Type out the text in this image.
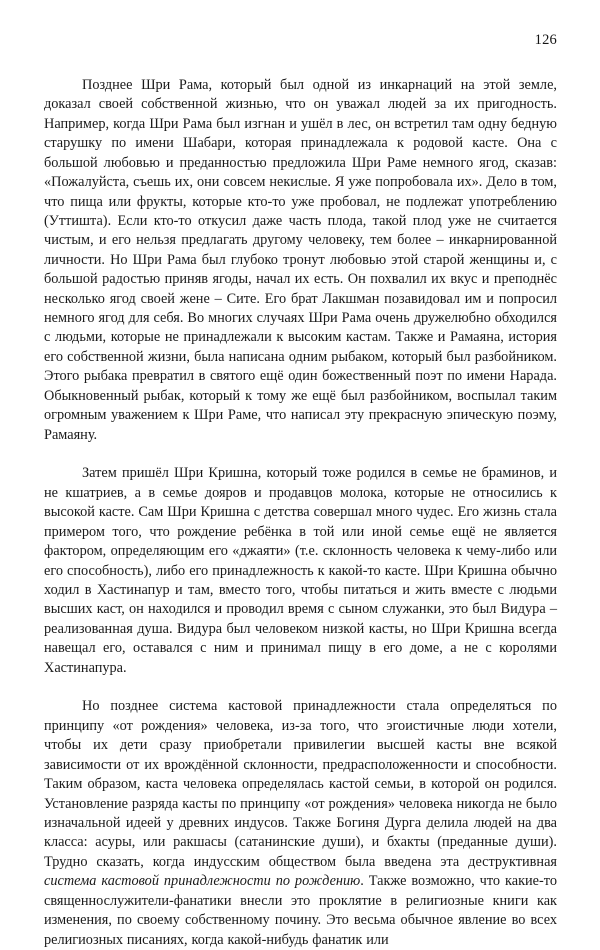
126

Позднее Шри Рама, который был одной из инкарнаций на этой земле, доказал своей собственной жизнью, что он уважал людей за их пригодность. Например, когда Шри Рама был изгнан и ушёл в лес, он встретил там одну бедную старушку по имени Шабари, которая принадлежала к родовой касте. Она с большой любовью и преданностью предложила Шри Раме немного ягод, сказав: «Пожалуйста, съешь их, они совсем некислые. Я уже попробовала их». Дело в том, что пища или фрукты, которые кто-то уже пробовал, не подлежат употреблению (Уттишта). Если кто-то откусил даже часть плода, такой плод уже не считается чистым, и его нельзя предлагать другому человеку, тем более – инкарнированной личности. Но Шри Рама был глубоко тронут любовью этой старой женщины и, с большой радостью приняв ягоды, начал их есть. Он похвалил их вкус и преподнёс несколько ягод своей жене – Сите. Его брат Лакшман позавидовал им и попросил немного ягод для себя. Во многих случаях Шри Рама очень дружелюбно обходился с людьми, которые не принадлежали к высоким кастам. Также и Рамаяна, история его собственной жизни, была написана одним рыбаком, который был разбойником. Этого рыбака превратил в святого ещё один божественный поэт по имени Нарада. Обыкновенный рыбак, который к тому же ещё был разбойником, воспылал таким огромным уважением к Шри Раме, что написал эту прекрасную эпическую поэму, Рамаяну.

Затем пришёл Шри Кришна, который тоже родился в семье не браминов, и не кшатриев, а в семье дояров и продавцов молока, которые не относились к высокой касте. Сам Шри Кришна с детства совершал много чудес. Его жизнь стала примером того, что рождение ребёнка в той или иной семье ещё не является фактором, определяющим его «джаяти» (т.е. склонность человека к чему-либо или его способность), либо его принадлежность к какой-то касте. Шри Кришна обычно ходил в Хастинапур и там, вместо того, чтобы питаться и жить вместе с людьми высших каст, он находился и проводил время с сыном служанки, это был Видура – реализованная душа. Видура был человеком низкой касты, но Шри Кришна всегда навещал его, оставался с ним и принимал пищу в его доме, а не с королями Хастинапура.

Но позднее система кастовой принадлежности стала определяться по принципу «от рождения» человека, из-за того, что эгоистичные люди хотели, чтобы их дети сразу приобретали привилегии высшей касты вне всякой зависимости от их врождённой склонности, предрасположенности и способности. Таким образом, каста человека определялась кастой семьи, в которой он родился. Установление разряда касты по принципу «от рождения» человека никогда не было изначальной идеей у древних индусов. Также Богиня Дурга делила людей на два класса: асуры, или ракшасы (сатанинские души), и бхакты (преданные души). Трудно сказать, когда индусским обществом была введена эта деструктивная система кастовой принадлежности по рождению. Также возможно, что какие-то священнослужители-фанатики внесли это проклятие в религиозные книги как изменения, по своему собственному почину. Это весьма обычное явление во всех религиозных писаниях, когда какой-нибудь фанатик или
